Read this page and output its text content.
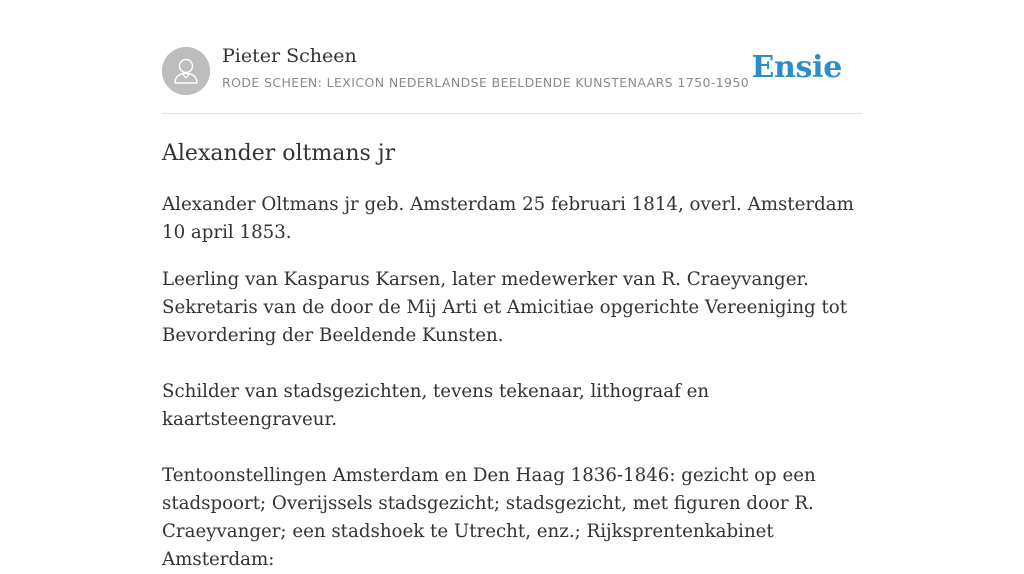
Pieter Scheen
RODE SCHEEN: LEXICON NEDERLANDSE BEELDENDE KUNSTENAARS 1750-1950 Ensie
Alexander oltmans jr

Alexander Oltmans jr geb. Amsterdam 25 februari 1814, overl. Amsterdam 10 april 1853.

Leerling van Kasparus Karsen, later medewerker van R. Craeyvanger. Sekretaris van de door de Mij Arti et Amicitiae opgerichte Vereeniging tot Bevordering der Beeldende Kunsten.

Schilder van stadsgezichten, tevens tekenaar, lithograaf en kaartsteengraveur.

Tentoonstellingen Amsterdam en Den Haag 1836-1846: gezicht op een stadspoort; Overijssels stadsgezicht; stadsgezicht, met figuren door R. Craeyvanger; een stadshoek te Utrecht, enz.; Rijksprentenkabinet Amsterdam:
